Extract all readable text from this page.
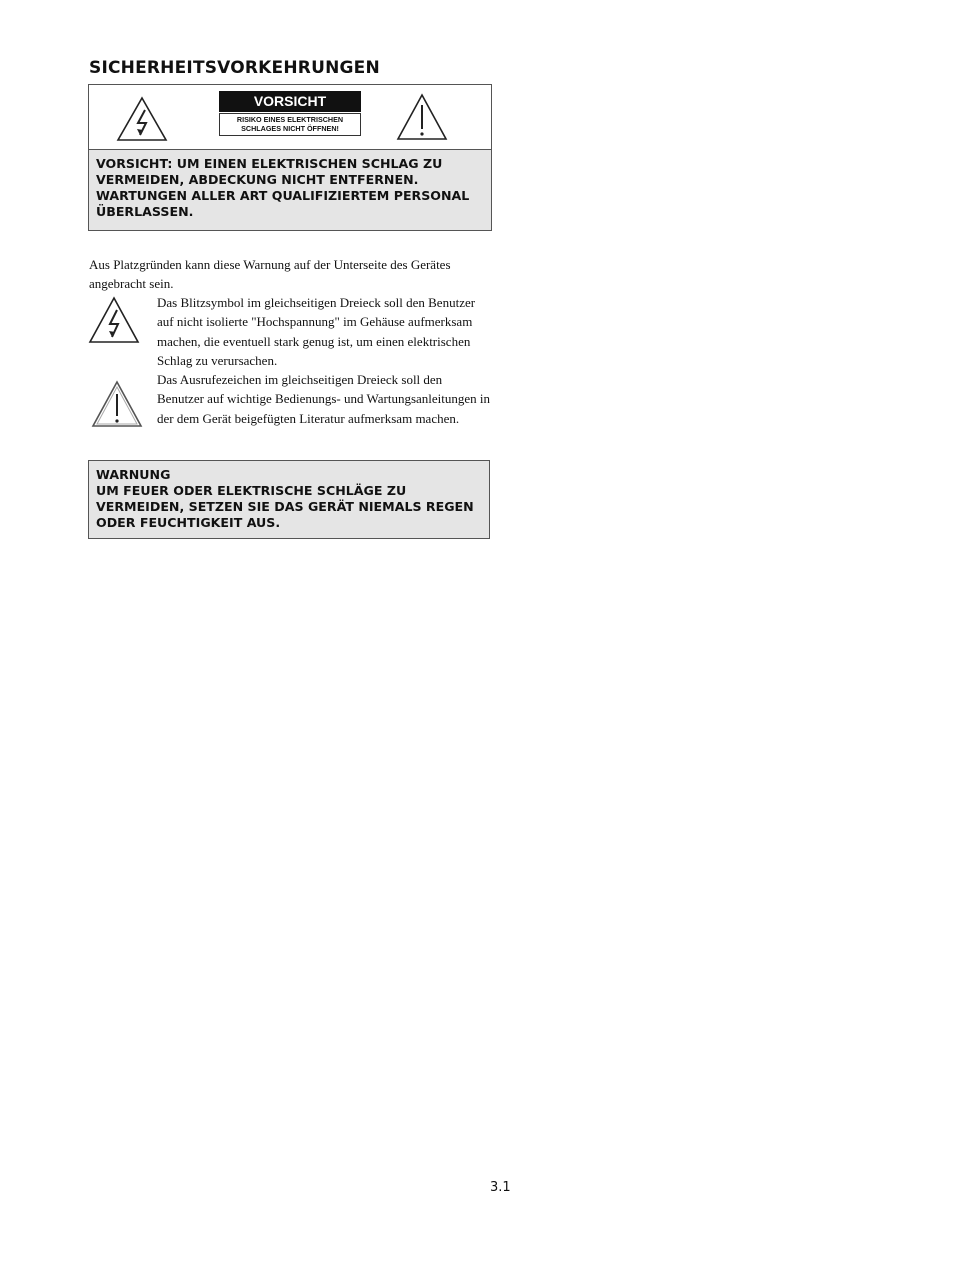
SICHERHEITSVORKEHRUNGEN
VORSICHT
RISIKO EINES ELEKTRISCHEN
SCHLAGES NICHT ÖFFNEN!
VORSICHT: UM EINEN ELEKTRISCHEN SCHLAG ZU VERMEIDEN, ABDECKUNG NICHT ENTFERNEN. WARTUNGEN ALLER ART QUALIFIZIERTEM PERSONAL ÜBERLASSEN.

Aus Platzgründen kann diese Warnung auf der Unterseite des Gerätes angebracht sein.

Das Blitzsymbol im gleichseitigen Dreieck soll den Benutzer auf nicht isolierte "Hochspannung" im Gehäuse aufmerksam machen, die eventuell stark genug ist, um einen elektrischen Schlag zu verursachen.

Das Ausrufezeichen im gleichseitigen Dreieck soll den Benutzer auf wichtige Bedienungs- und Wartungsanleitungen in der dem Gerät beigefügten Literatur aufmerksam machen.

WARNUNG
UM FEUER ODER ELEKTRISCHE SCHLÄGE ZU VERMEIDEN, SETZEN SIE DAS GERÄT NIEMALS REGEN ODER FEUCHTIGKEIT AUS.
3.1
